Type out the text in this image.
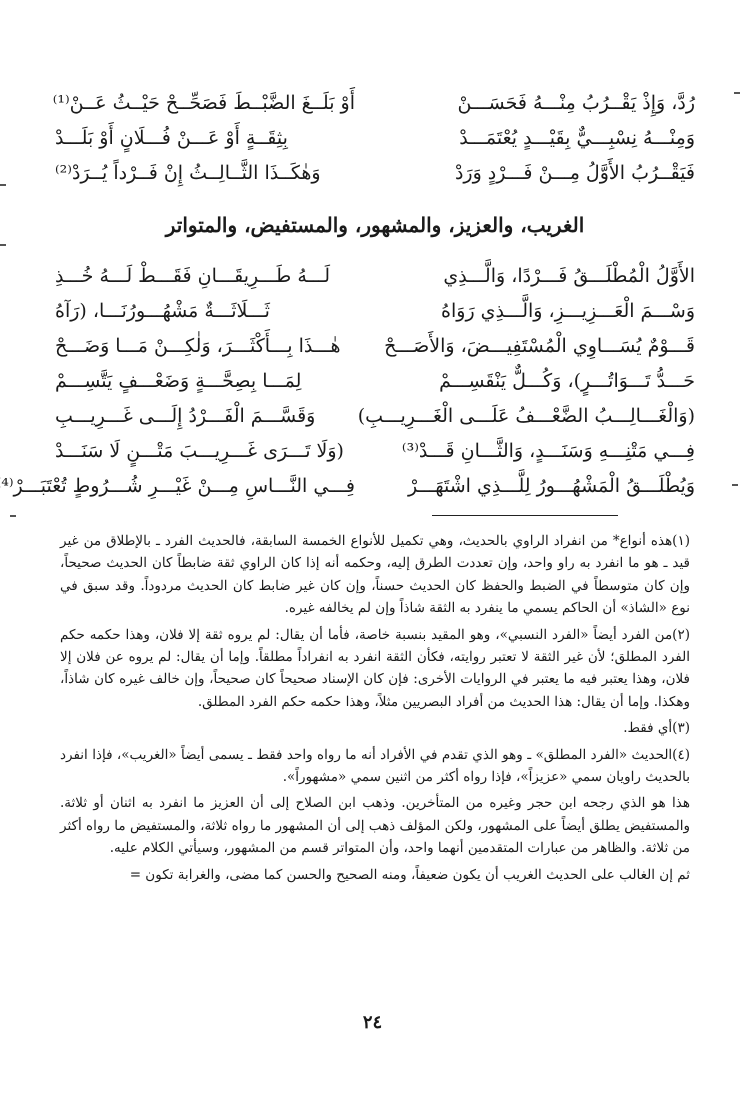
رُدَّ، وَإِذْ يَقْــرُبُ مِنْـــهُ فَحَسَـــنْ
أَوْ بَلَــغَ الضَّبْــطَ فَصَحِّــحْ حَيْــثُ عَــنْ⁽¹⁾
وَمِنْـــهُ نِسْبِـــيٌّ بِقَيْـــدٍ يُعْتَمَـــدْ
بِثِقَــةٍ أَوْ عَـــنْ فُـــلَانٍ أَوْ بَلَـــدْ
فَيَقْــرُبُ الأَوَّلُ مِـــنْ فَـــرْدٍ وَرَدْ
وَهٰكَــذَا الثَّــالِــثُ إِنْ فَــرْداً يُــرَدْ⁽²⁾
الغريب، والعزيز، والمشهور، والمستفيض، والمتواتر
الأَوَّلُ الْمُطْلَـــقُ فَـــرْدًا، وَالَّـــذِي
لَـــهُ طَـــرِيقَـــانِ فَقَـــطْ لَـــهُ خُـــذِ
وَسْـــمَ الْعَـــزِيـــزِ، وَالَّـــذِي رَوَاهُ
ثَـــلَاثَـــةٌ مَشْهُـــورُنَـــا، (رَآهُ
قَـــوْمٌ يُسَـــاوِي الْمُسْتَفِيـــضَ، وَالأَصَـــحْ
هٰـــذَا بِـــأَكْثَـــرَ، وَلٰكِـــنْ مَـــا وَضَـــحْ
حَـــدُّ تَـــوَاتُـــرٍ)، وَكُـــلٌّ يَنْقَسِـــمْ
لِمَـــا بِصِحَّـــةٍ وَضَعْـــفٍ يَتَّسِـــمْ
(وَالْغَـــالِـــبُ الضَّعْـــفُ عَلَـــى الْغَـــرِيـــبِ)
وَقَسَّـــمَ الْفَـــرْدُ إِلَـــى غَـــرِيـــبِ
فِـــي مَتْنِـــهِ وَسَنَـــدٍ، وَالثَّـــانِ قَـــدْ⁽³⁾
(وَلَا تَـــرَى غَـــرِيـــبَ مَتْـــنٍ لَا سَنَـــدْ
وَيُطْلَـــقُ الْمَشْهُـــورُ لِلَّـــذِي اشْتَهَـــرْ
فِـــي النَّـــاسِ مِـــنْ غَيْـــرِ شُـــرُوطٍ تُعْتَبَـــرْ⁽⁴

(١)هذه أنواع* من انفراد الراوي بالحديث، وهي تكميل للأنواع الخمسة السابقة، فالحديث الفرد ـ بالإطلاق من غير قيد ـ هو ما انفرد به راو واحد، وإن تعددت الطرق إليه، وحكمه أنه إذا كان الراوي ثقة ضابطاً كان الحديث صحيحاً، وإن كان متوسطاً في الضبط والحفظ كان الحديث حسناً، وإن كان غير ضابط كان الحديث مردوداً. وقد سبق في نوع «الشاذ» أن الحاكم يسمي ما ينفرد به الثقة شاذاً وإن لم يخالفه غيره.

(٢)من الفرد أيضاً «الفرد النسبي»، وهو المقيد بنسبة خاصة، فأما أن يقال: لم يروه ثقة إلا فلان، وهذا حكمه حكم الفرد المطلق؛ لأن غير الثقة لا تعتبر روايته، فكأن الثقة انفرد به انفراداً مطلقاً. وإما أن يقال: لم يروه عن فلان إلا فلان، وهذا يعتبر فيه ما يعتبر في الروايات الأخرى: فإن كان الإسناد صحيحاً كان صحيحاً، وإن خالف غيره كان شاذاً، وهكذا. وإما أن يقال: هذا الحديث من أفراد البصريين مثلاً، وهذا حكمه حكم الفرد المطلق.

(٣)أي فقط.

(٤)الحديث «الفرد المطلق» ـ وهو الذي تقدم في الأفراد أنه ما رواه واحد فقط ـ يسمى أيضاً «الغريب»، فإذا انفرد بالحديث راويان سمي «عزيزاً»، فإذا رواه أكثر من اثنين سمي «مشهوراً».

هذا هو الذي رجحه ابن حجر وغيره من المتأخرين. وذهب ابن الصلاح إلى أن العزيز ما انفرد به اثنان أو ثلاثة. والمستفيض يطلق أيضاً على المشهور، ولكن المؤلف ذهب إلى أن المشهور ما رواه ثلاثة، والمستفيض ما رواه أكثر من ثلاثة. والظاهر من عبارات المتقدمين أنهما واحد، وأن المتواتر قسم من المشهور، وسيأتي الكلام عليه.

ثم إن الغالب على الحديث الغريب أن يكون ضعيفاً، ومنه الصحيح والحسن كما مضى، والغرابة تكون =

٢٤
